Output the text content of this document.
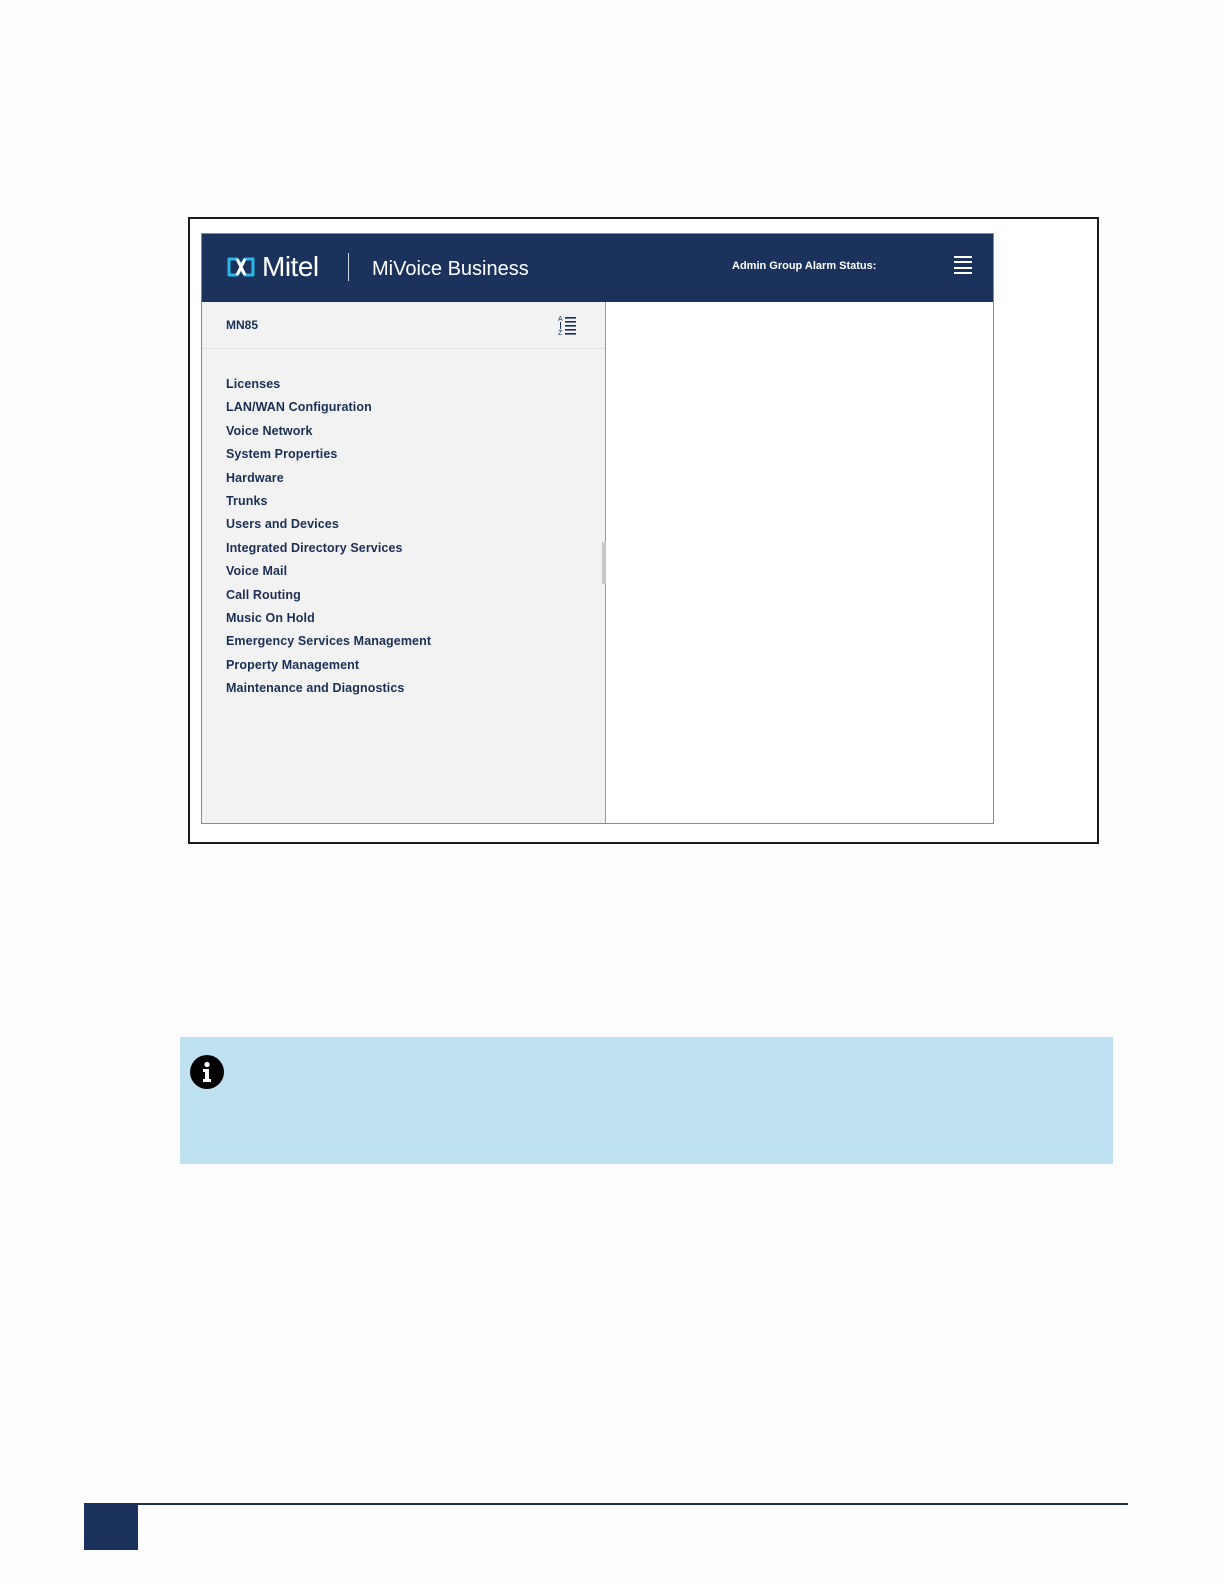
Mitel	MiVoice Business	Admin Group Alarm Status:
MN85	A
Z
Licenses
LAN/WAN Configuration
Voice Network
System Properties
Hardware
Trunks
Users and Devices
Integrated Directory Services
Voice Mail
Call Routing
Music On Hold
Emergency Services Management
Property Management
Maintenance and Diagnostics
